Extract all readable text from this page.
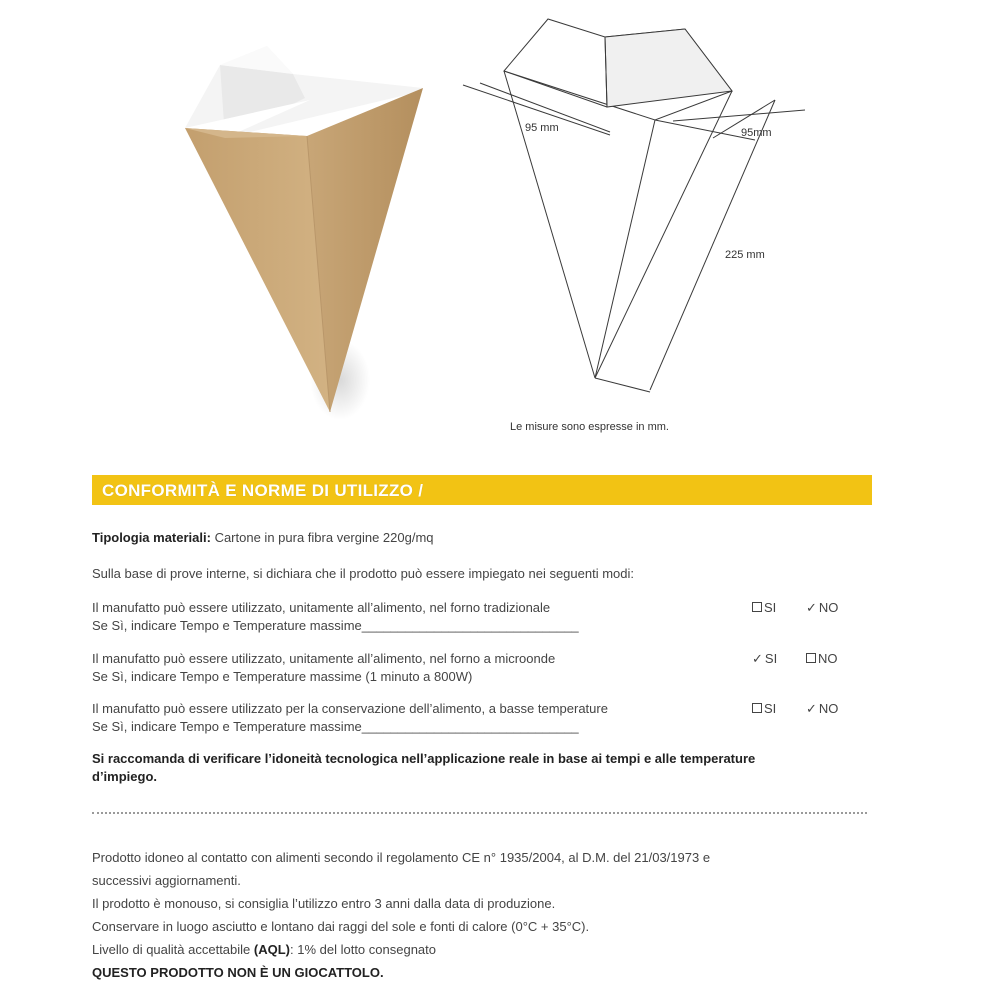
95 mm	95mm
225 mm
Le misure sono espresse in mm.
CONFORMITÀ E NORME DI UTILIZZO /
Tipologia materiali: Cartone in pura fibra vergine 220g/mq
Sulla base di prove interne, si dichiara che il prodotto può essere impiegato nei seguenti modi:
Il manufatto può essere utilizzato, unitamente all’alimento, nel forno tradizionale
Se Sì, indicare Tempo e Temperature massime______________________________
SI ✓ NO
Il manufatto può essere utilizzato, unitamente all’alimento, nel forno a microonde
Se Sì, indicare Tempo e Temperature massime (1 minuto a 800W)
✓ SI	NO
Il manufatto può essere utilizzato per la conservazione dell’alimento, a basse temperature
Se Sì, indicare Tempo e Temperature massime______________________________
SI ✓ NO
Si raccomanda di verificare l’idoneità tecnologica nell’applicazione reale in base ai tempi e alle temperature
d’impiego.
Prodotto idoneo al contatto con alimenti secondo il regolamento CE n° 1935/2004, al D.M. del 21/03/1973 e
successivi aggiornamenti.
Il prodotto è monouso, si consiglia l’utilizzo entro 3 anni dalla data di produzione.
Conservare in luogo asciutto e lontano dai raggi del sole e fonti di calore (0°C + 35°C).
Livello di qualità accettabile (AQL): 1% del lotto consegnato
QUESTO PRODOTTO NON È UN GIOCATTOLO.
